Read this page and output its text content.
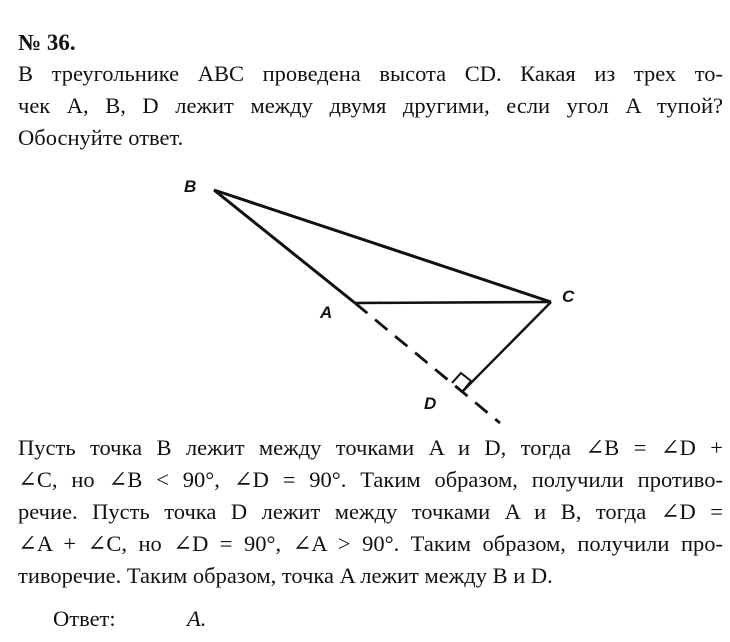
№ 36.
В треугольнике ABC проведена высота CD. Какая из трех то-
чек A, B, D лежит между двумя другими, если угол A тупой?
Обоснуйте ответ.
B
A
C
D
Пусть точка B лежит между точками A и D, тогда ∠B = ∠D +
∠C, но ∠B < 90°, ∠D = 90°. Таким образом, получили противо-
речие. Пусть точка D лежит между точками A и B, тогда ∠D =
∠A + ∠C, но ∠D = 90°, ∠A > 90°. Таким образом, получили про-
тиворечие. Таким образом, точка A лежит между B и D.
Ответ:	A.
